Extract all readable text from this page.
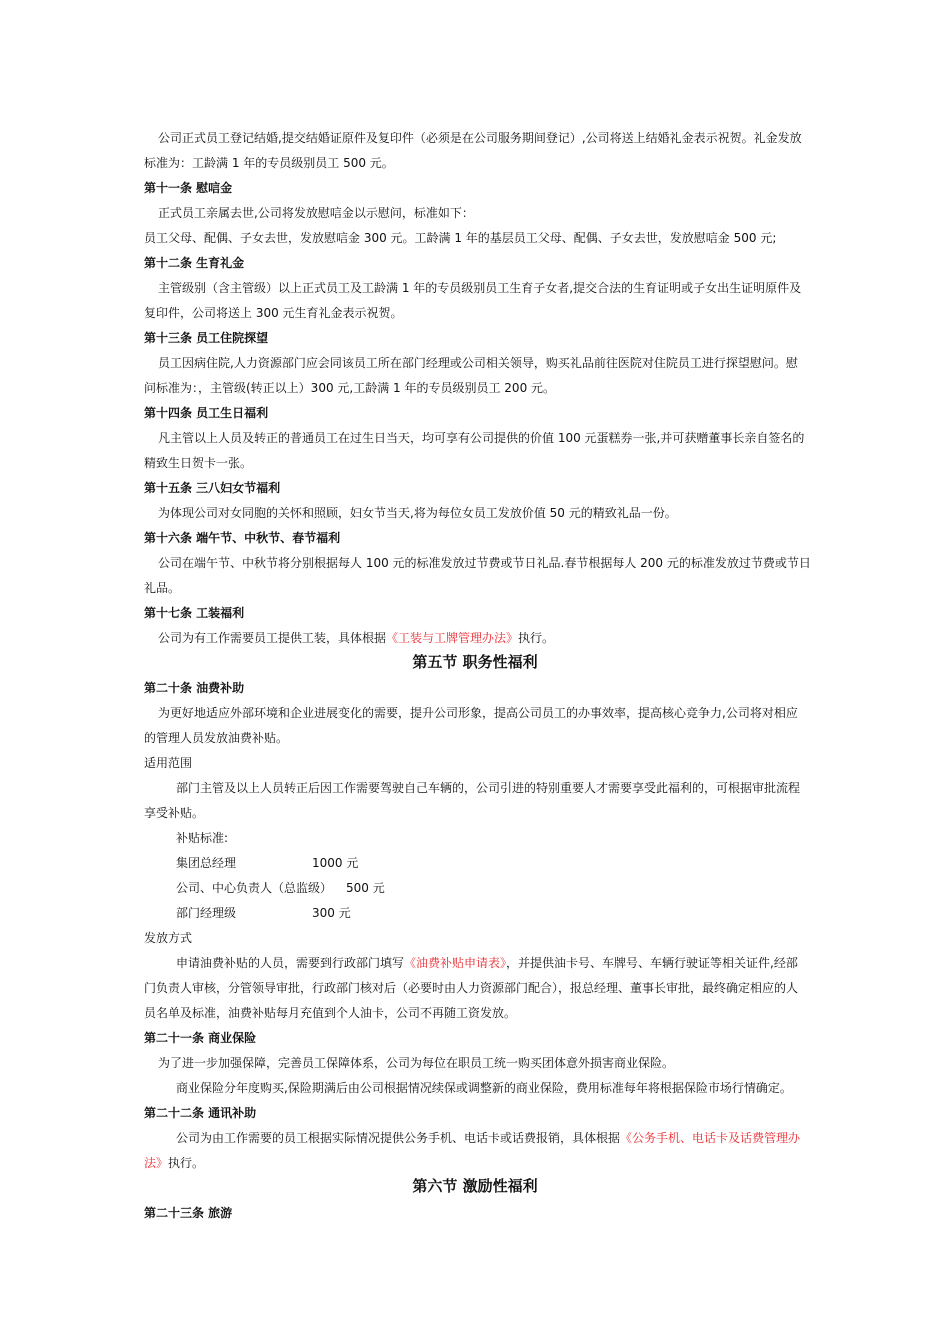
公司正式员工登记结婚,提交结婚证原件及复印件（必须是在公司服务期间登记）,公司将送上结婚礼金表示祝贺。礼金发放
标准为：工龄满 1 年的专员级别员工 500 元。
第十一条 慰唁金
正式员工亲属去世,公司将发放慰唁金以示慰问，标准如下：
员工父母、配偶、子女去世，发放慰唁金 300 元。工龄满 1 年的基层员工父母、配偶、子女去世，发放慰唁金 500 元;
第十二条 生育礼金
主管级别（含主管级）以上正式员工及工龄满 1 年的专员级别员工生育子女者,提交合法的生育证明或子女出生证明原件及
复印件，公司将送上 300 元生育礼金表示祝贺。
第十三条 员工住院探望
员工因病住院,人力资源部门应会同该员工所在部门经理或公司相关领导，购买礼品前往医院对住院员工进行探望慰问。慰
问标准为：，主管级(转正以上）300 元,工龄满 1 年的专员级别员工 200 元。
第十四条 员工生日福利
凡主管以上人员及转正的普通员工在过生日当天，均可享有公司提供的价值 100 元蛋糕券一张,并可获赠董事长亲自签名的
精致生日贺卡一张。
第十五条 三八妇女节福利
为体现公司对女同胞的关怀和照顾，妇女节当天,将为每位女员工发放价值 50 元的精致礼品一份。
第十六条 端午节、中秋节、春节福利
公司在端午节、中秋节将分别根据每人 100 元的标准发放过节费或节日礼品.春节根据每人 200 元的标准发放过节费或节日
礼品。
第十七条 工装福利
公司为有工作需要员工提供工装，具体根据《工装与工牌管理办法》执行。
第五节 职务性福利
第二十条 油费补助
为更好地适应外部环境和企业进展变化的需要，提升公司形象，提高公司员工的办事效率，提高核心竞争力,公司将对相应
的管理人员发放油费补贴。
适用范围
部门主管及以上人员转正后因工作需要驾驶自己车辆的，公司引进的特别重要人才需要享受此福利的，可根据审批流程
享受补贴。
补贴标准:
集团总经理	1000 元
公司、中心负责人（总监级） 500 元
部门经理级	300 元
发放方式
申请油费补贴的人员，需要到行政部门填写《油费补贴申请表》，并提供油卡号、车牌号、车辆行驶证等相关证件,经部
门负责人审核，分管领导审批，行政部门核对后（必要时由人力资源部门配合），报总经理、董事长审批，最终确定相应的人
员名单及标准，油费补贴每月充值到个人油卡，公司不再随工资发放。
第二十一条 商业保险
为了进一步加强保障，完善员工保障体系，公司为每位在职员工统一购买团体意外损害商业保险。
商业保险分年度购买,保险期满后由公司根据情况续保或调整新的商业保险，费用标准每年将根据保险市场行情确定。
第二十二条 通讯补助
公司为由工作需要的员工根据实际情况提供公务手机、电话卡或话费报销，具体根据《公务手机、电话卡及话费管理办
法》执行。
第六节 激励性福利
第二十三条 旅游
